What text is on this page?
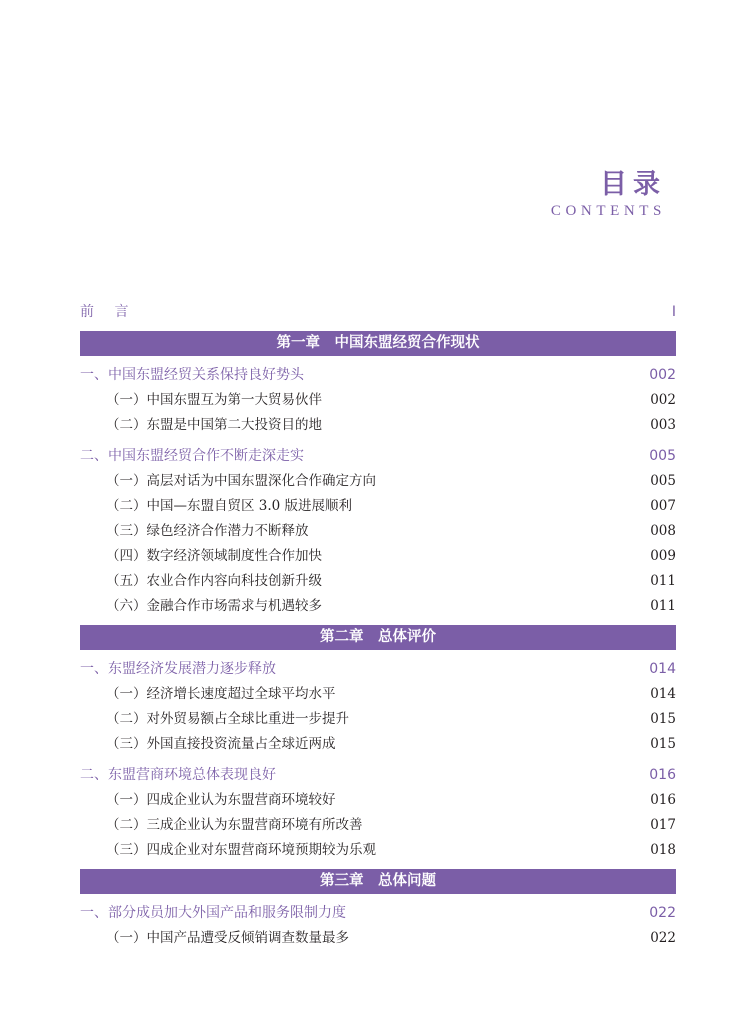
目录
CONTENTS
前 言	I
第一章　中国东盟经贸合作现状
一、中国东盟经贸关系保持良好势头	002
（一）中国东盟互为第一大贸易伙伴	002
（二）东盟是中国第二大投资目的地	003
二、中国东盟经贸合作不断走深走实	005
（一）高层对话为中国东盟深化合作确定方向	005
（二）中国—东盟自贸区 3.0 版进展顺利	007
（三）绿色经济合作潜力不断释放	008
（四）数字经济领域制度性合作加快	009
（五）农业合作内容向科技创新升级	011
（六）金融合作市场需求与机遇较多	011
第二章　总体评价
一、东盟经济发展潜力逐步释放	014
（一）经济增长速度超过全球平均水平	014
（二）对外贸易额占全球比重进一步提升	015
（三）外国直接投资流量占全球近两成	015
二、东盟营商环境总体表现良好	016
（一）四成企业认为东盟营商环境较好	016
（二）三成企业认为东盟营商环境有所改善	017
（三）四成企业对东盟营商环境预期较为乐观	018
第三章　总体问题
一、部分成员加大外国产品和服务限制力度	022
（一）中国产品遭受反倾销调查数量最多	022
